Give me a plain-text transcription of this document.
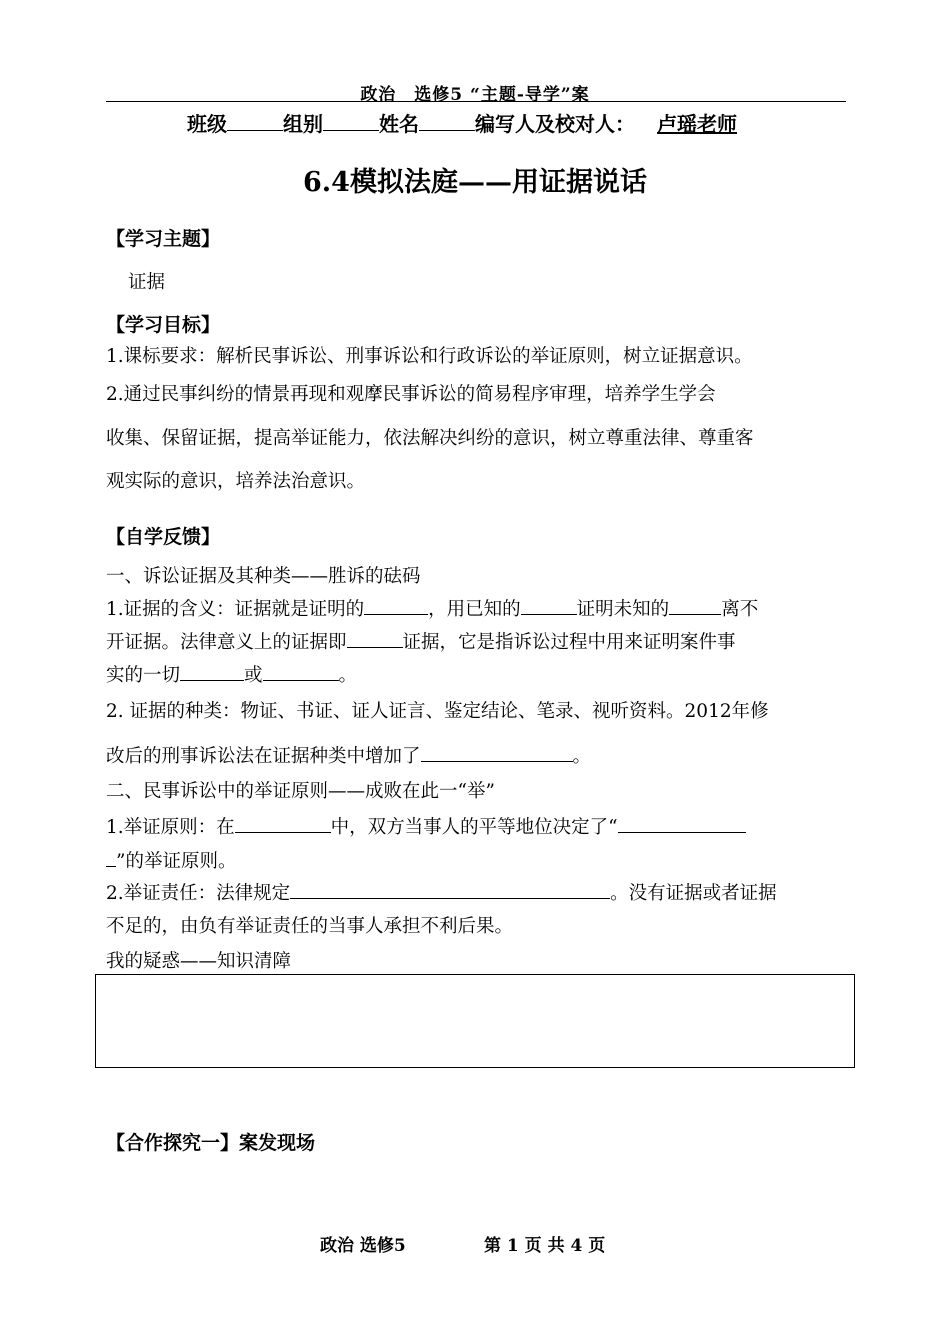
政治　选修5 “主题-导学”案
班级	组别	姓名	编写人及校对人： 卢瑶老师
6.4模拟法庭——用证据说话
【学习主题】
证据
【学习目标】
1.课标要求：解析民事诉讼、刑事诉讼和行政诉讼的举证原则，树立证据意识。
2.通过民事纠纷的情景再现和观摩民事诉讼的简易程序审理，培养学生学会
收集、保留证据，提高举证能力，依法解决纠纷的意识，树立尊重法律、尊重客
观实际的意识，培养法治意识。
【自学反馈】
一、诉讼证据及其种类——胜诉的砝码
1.证据的含义：证据就是证明的	，用已知的	证明未知的	离不
开证据。法律意义上的证据即	证据，它是指诉讼过程中用来证明案件事
实的一切	或	。
2. 证据的种类：物证、书证、证人证言、鉴定结论、笔录、视听资料。2012年修
改后的刑事诉讼法在证据种类中增加了	。
二、民事诉讼中的举证原则——成败在此一“举”
1.举证原则：在	中，双方当事人的平等地位决定了“
”的举证原则。
2.举证责任：法律规定	。没有证据或者证据
不足的，由负有举证责任的当事人承担不利后果。
我的疑惑——知识清障
【合作探究一】案发现场
政治 选修5	第 1 页 共 4 页
